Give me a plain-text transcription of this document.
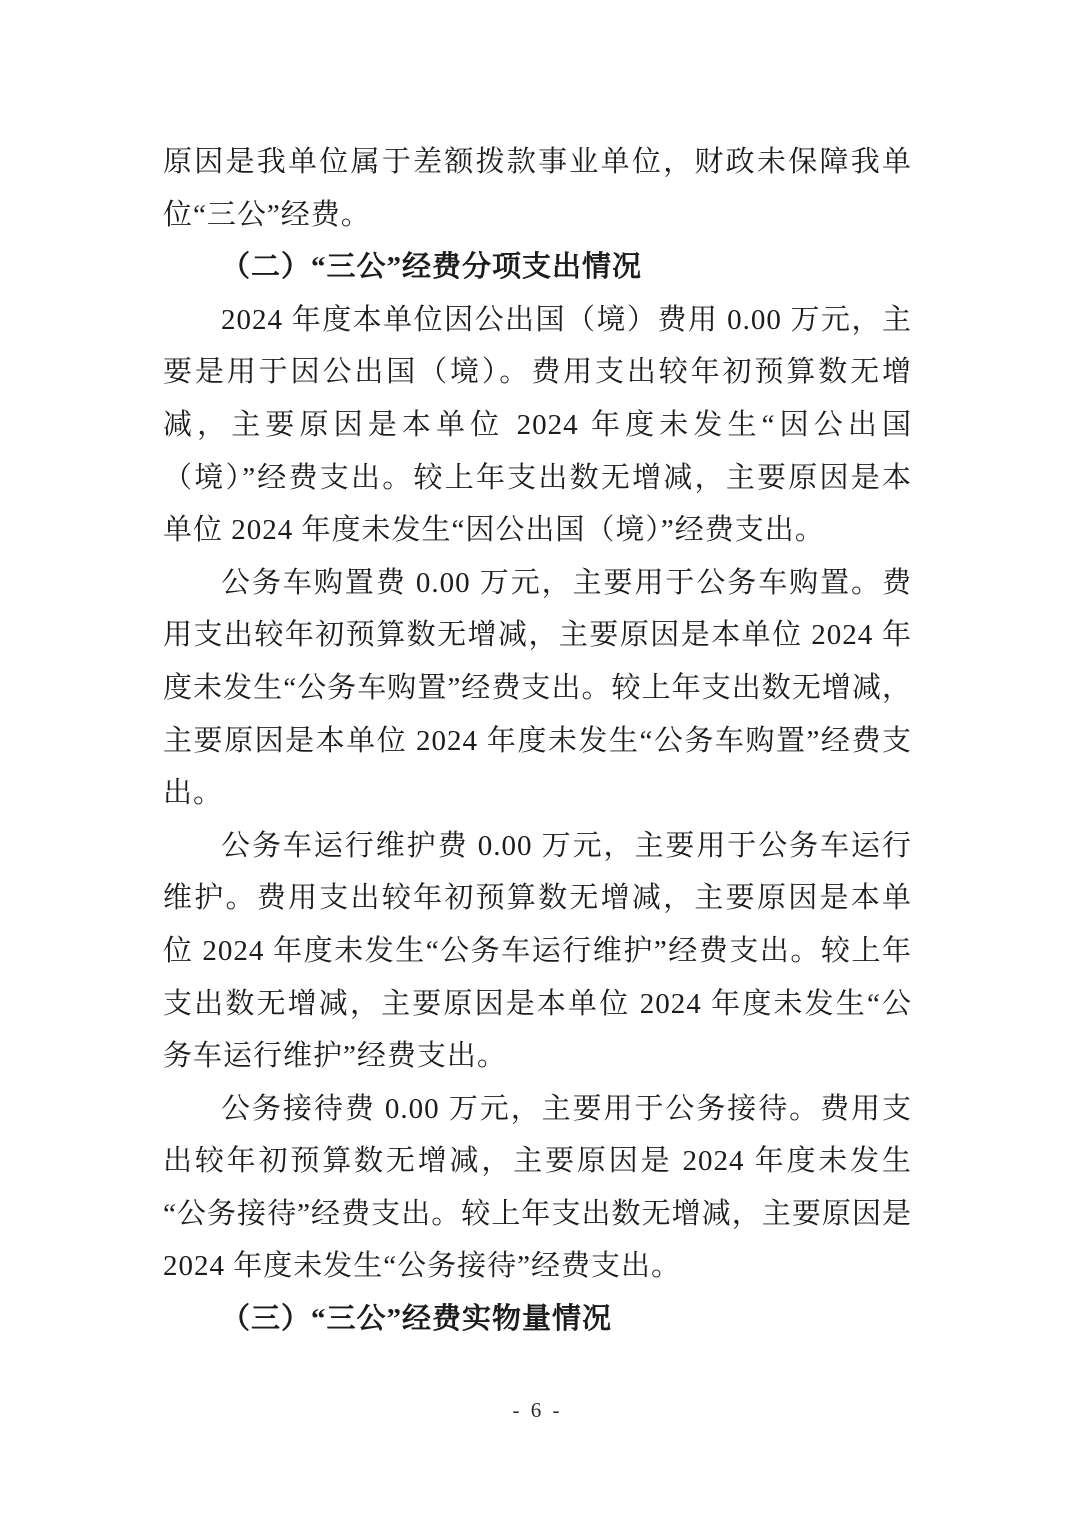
原因是我单位属于差额拨款事业单位，财政未保障我单位“三公”经费。

（二）“三公”经费分项支出情况

2024 年度本单位因公出国（境）费用 0.00 万元，主要是用于因公出国（境）。费用支出较年初预算数无增减，主要原因是本单位 2024 年度未发生“因公出国（境）”经费支出。较上年支出数无增减，主要原因是本单位 2024 年度未发生“因公出国（境）”经费支出。

公务车购置费 0.00 万元，主要用于公务车购置。费用支出较年初预算数无增减，主要原因是本单位 2024 年度未发生“公务车购置”经费支出。较上年支出数无增减，主要原因是本单位 2024 年度未发生“公务车购置”经费支出。

公务车运行维护费 0.00 万元，主要用于公务车运行维护。费用支出较年初预算数无增减，主要原因是本单位 2024 年度未发生“公务车运行维护”经费支出。较上年支出数无增减，主要原因是本单位 2024 年度未发生“公务车运行维护”经费支出。

公务接待费 0.00 万元，主要用于公务接待。费用支出较年初预算数无增减，主要原因是 2024 年度未发生“公务接待”经费支出。较上年支出数无增减，主要原因是 2024 年度未发生“公务接待”经费支出。

（三）“三公”经费实物量情况
- 6 -
